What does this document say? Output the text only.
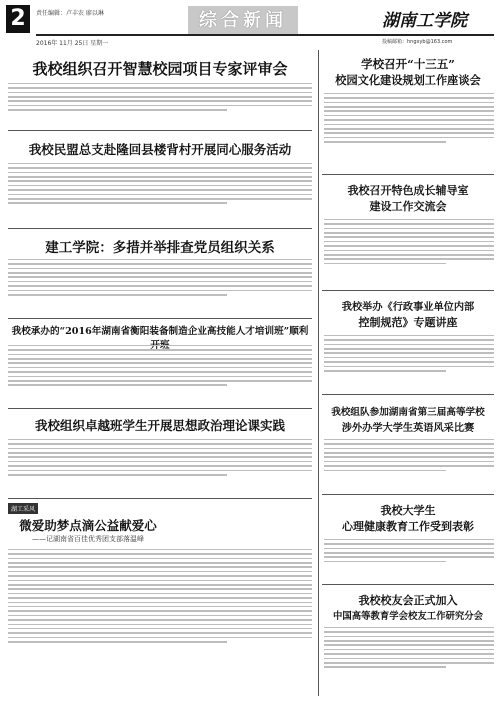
2	责任编辑：卢丰农 廖以琳
2016年 11月 25日 星期一
综合新闻	湖南工学院
投稿邮箱：hngxyb@163.com
我校组织召开智慧校园项目专家评审会
我校民盟总支赴隆回县楼背村开展同心服务活动
建工学院：多措并举排查党员组织关系
我校承办的“2016年湖南省衡阳装备制造企业高技能人才培训班”顺利
我校组织卓越班学生开展思想政治理论课实践
湖工采风
微爱助梦点滴公益献爱心
——记湖南省百佳优秀团支部落温峰
学校召开“十三五”
校园文化建设规划工作座谈会
我校召开特色成长辅导室
建设工作交流会
我校举办《行政事业单位内部
控制规范》专题讲座
我校组队参加湖南省第三届高等学校
涉外办学大学生英语风采比赛
我校大学生
心理健康教育工作受到表彰
我校校友会正式加入
中国高等教育学会校友工作研究分会
